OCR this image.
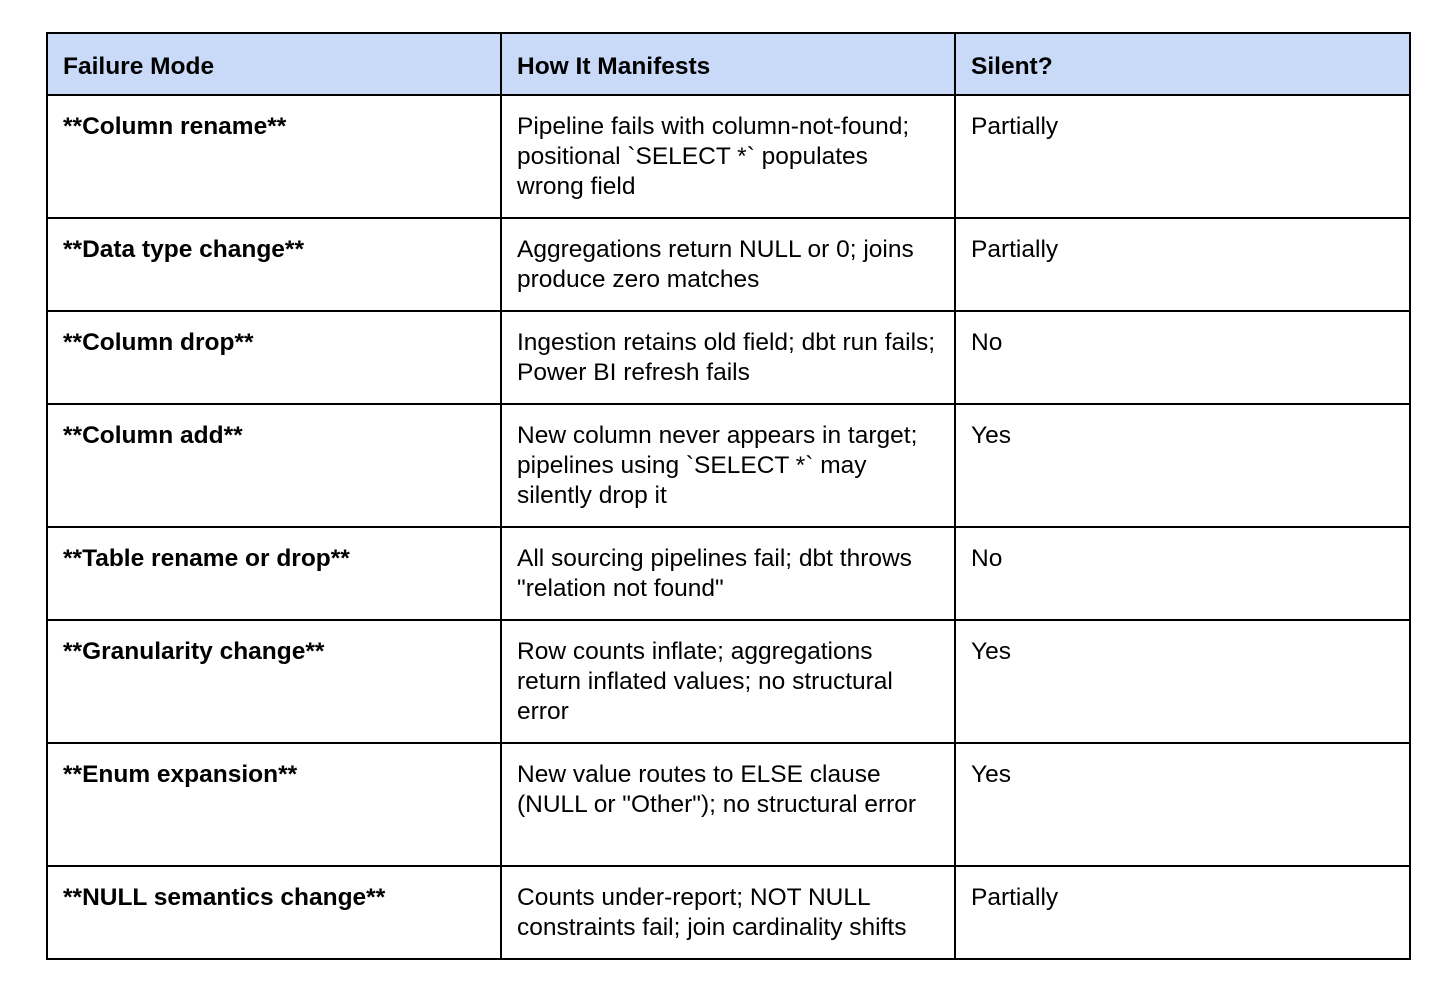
Failure Mode	How It Manifests	Silent?
**Column rename**	Pipeline fails with column-not-found; positional `SELECT *` populates wrong field	Partially
**Data type change**	Aggregations return NULL or 0; joins produce zero matches	Partially
**Column drop**	Ingestion retains old field; dbt run fails; Power BI refresh fails	No
**Column add**	New column never appears in target; pipelines using `SELECT *` may silently drop it	Yes
**Table rename or drop**	All sourcing pipelines fail; dbt throws "relation not found"	No
**Granularity change**	Row counts inflate; aggregations return inflated values; no structural error	Yes
**Enum expansion**	New value routes to ELSE clause (NULL or "Other"); no structural error	Yes
**NULL semantics change**	Counts under-report; NOT NULL constraints fail; join cardinality shifts	Partially
